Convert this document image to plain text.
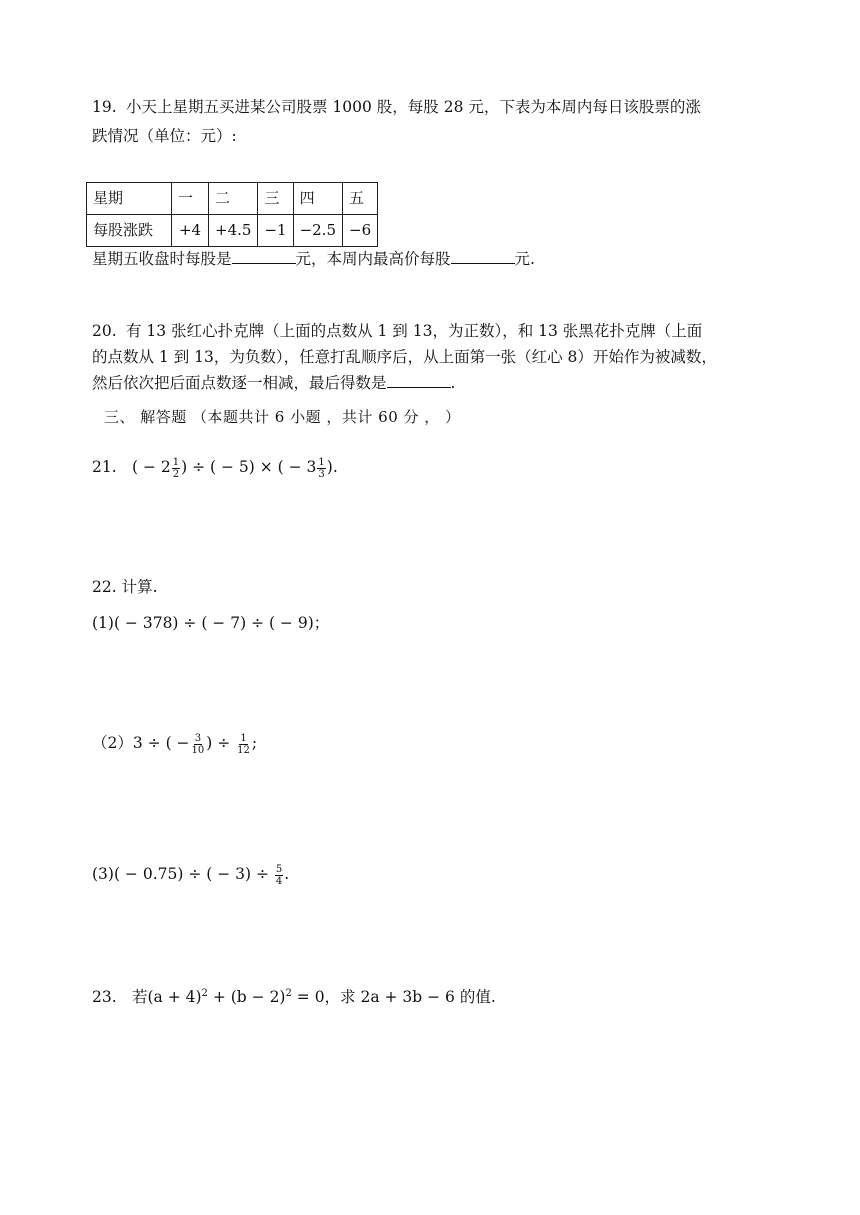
19. 小天上星期五买进某公司股票 1000 股，每股 28 元，下表为本周内每日该股票的涨
跌情况（单位：元）:
星期	一	二	三	四	五
每股涨跌	+4	+4.5	−1	−2.5	−6
星期五收盘时每股是	元，本周内最高价每股	元.
20. 有 13 张红心扑克牌（上面的点数从 1 到 13，为正数），和 13 张黑花扑克牌（上面
的点数从 1 到 13，为负数），任意打乱顺序后，从上面第一张（红心 8）开始作为被减数，
然后依次把后面点数逐一相减，最后得数是	.
三、 解答题 （本题共计 6 小题 ，共计 60 分 ， ）
21. ( − $2 \frac{1}{2}$ ) ÷ ( − 5) × ( − $3 \frac{1}{3}$ ).
22. 计算.
(1)( − 378) ÷ ( − 7) ÷ ( − 9)；
（2）3 ÷ ( − $\frac{3}{10}$ ) ÷ $\frac{1}{12}$ ;
(3)( − 0.75) ÷ ( − $3) \div \frac{5}{4}$ .
23. 若$(a + 4)^2 + (b - 2)^2 = 0$，求 2a + 3b − 6 的值.
